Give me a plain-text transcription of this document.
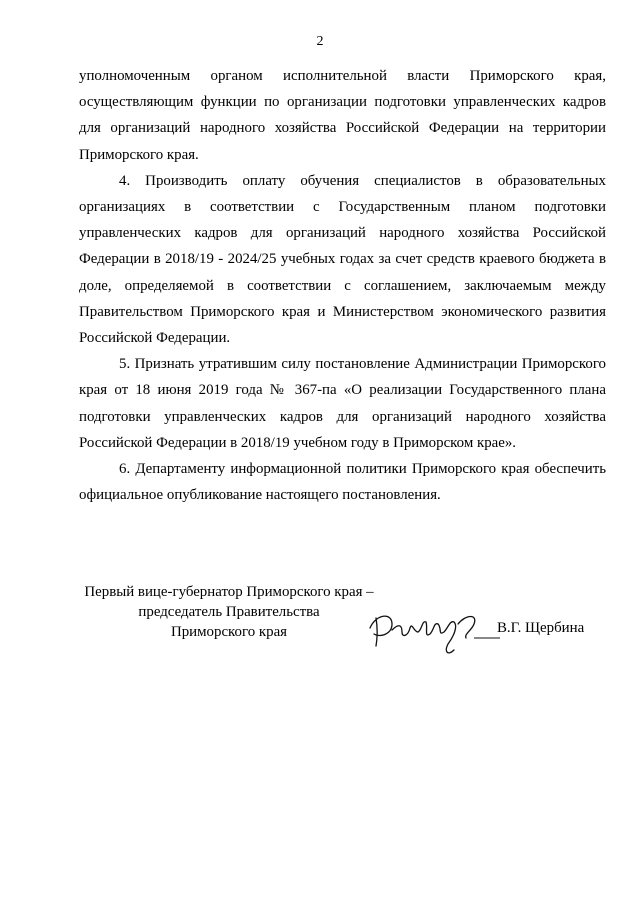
2

уполномоченным органом исполнительной власти Приморского края, осуществляющим функции по организации подготовки управленческих кадров для организаций народного хозяйства Российской Федерации на территории Приморского края.

4. Производить оплату обучения специалистов в образовательных организациях в соответствии с Государственным планом подготовки управленческих кадров для организаций народного хозяйства Российской Федерации в 2018/19 - 2024/25 учебных годах за счет средств краевого бюджета в доле, определяемой в соответствии с соглашением, заключаемым между Правительством Приморского края и Министерством экономического развития Российской Федерации.

5. Признать утратившим силу постановление Администрации Приморского края от 18 июня 2019 года № 367-па «О реализации Государственного плана подготовки управленческих кадров для организаций народного хозяйства Российской Федерации в 2018/19 учебном году в Приморском крае».

6. Департаменту информационной политики Приморского края обеспечить официальное опубликование настоящего постановления.

Первый вице-губернатор Приморского края –
председатель Правительства
Приморского края	В.Г. Щербина
